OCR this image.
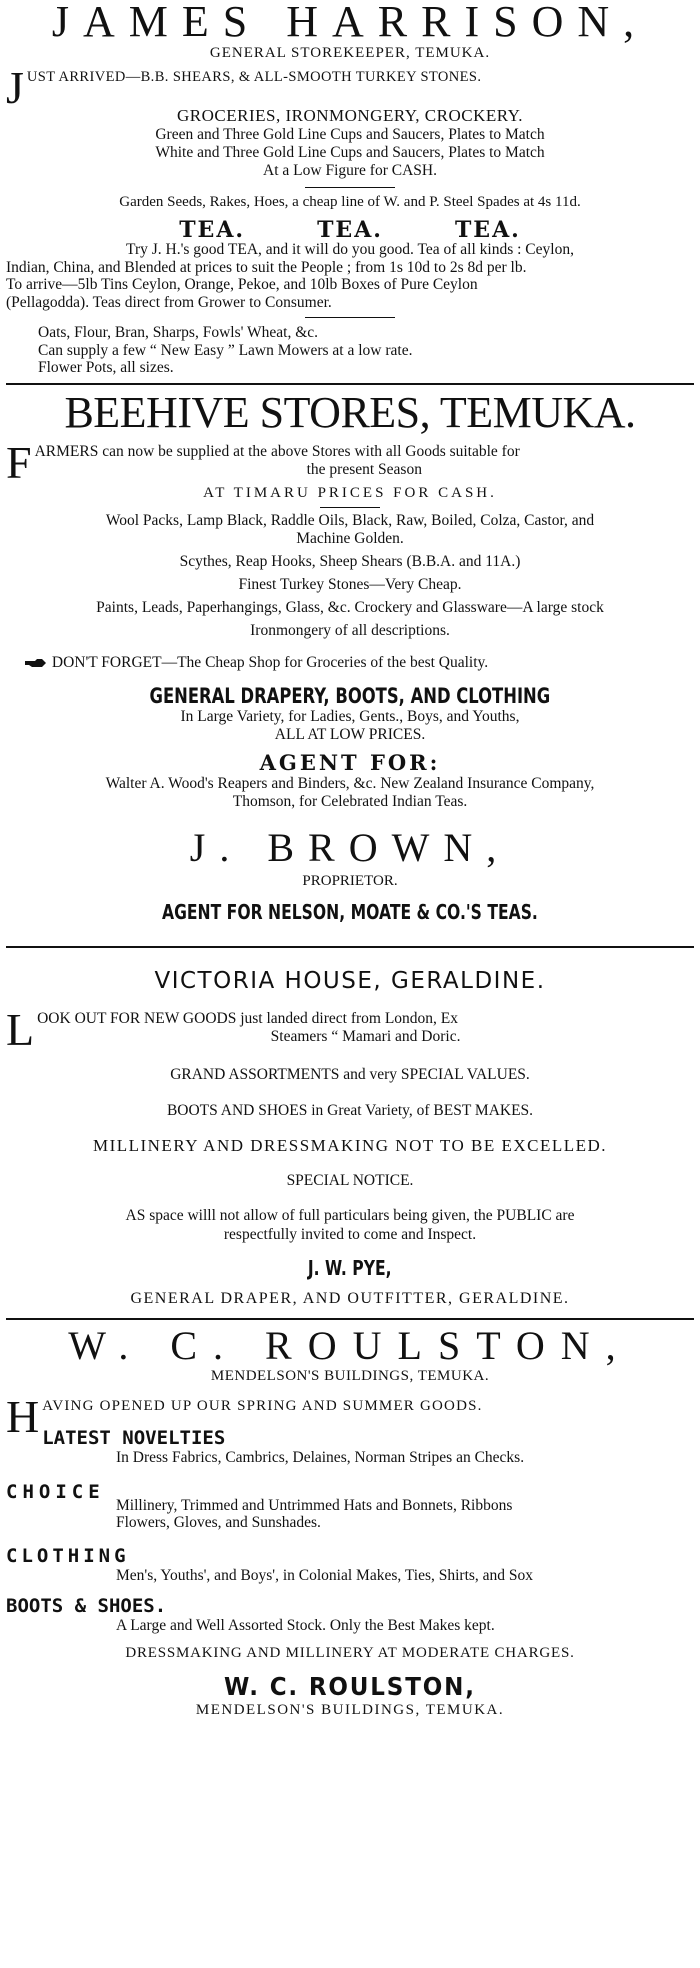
JAMES HARRISON,
GENERAL STOREKEEPER, TEMUKA.
J UST ARRIVED—B.B. SHEARS, & ALL-SMOOTH TURKEY STONES.
GROCERIES, IRONMONGERY, CROCKERY.
Green and Three Gold Line Cups and Saucers, Plates to Match
White and Three Gold Line Cups and Saucers, Plates to Match
At a Low Figure for CASH.
Garden Seeds, Rakes, Hoes, a cheap line of W. and P. Steel Spades at 4s 11d.
TEA.	TEA.	TEA.
Try J. H.'s good TEA, and it will do you good. Tea of all kinds : Ceylon,
Indian, China, and Blended at prices to suit the People ; from 1s 10d to 2s 8d per lb.
To arrive—5lb Tins Ceylon, Orange, Pekoe, and 10lb Boxes of Pure Ceylon
(Pellagodda). Teas direct from Grower to Consumer.
Oats, Flour, Bran, Sharps, Fowls' Wheat, &c.
Can supply a few “ New Easy ” Lawn Mowers at a low rate.
Flower Pots, all sizes.
BEEHIVE STORES, TEMUKA.
F ARMERS can now be supplied at the above Stores with all Goods suitable for
the present Season
AT TIMARU PRICES FOR CASH.
Wool Packs, Lamp Black, Raddle Oils, Black, Raw, Boiled, Colza, Castor, and
Machine Golden.
Scythes, Reap Hooks, Sheep Shears (B.B.A. and 11A.)
Finest Turkey Stones—Very Cheap.
Paints, Leads, Paperhangings, Glass, &c. Crockery and Glassware—A large stock
Ironmongery of all descriptions.
DON'T FORGET—The Cheap Shop for Groceries of the best Quality.
GENERAL DRAPERY, BOOTS, AND CLOTHING
In Large Variety, for Ladies, Gents., Boys, and Youths,
ALL AT LOW PRICES.
AGENT FOR:
Walter A. Wood's Reapers and Binders, &c. New Zealand Insurance Company,
Thomson, for Celebrated Indian Teas.
J. BROWN,
PROPRIETOR.
AGENT FOR NELSON, MOATE & CO.'S TEAS.
VICTORIA HOUSE, GERALDINE.
L OOK OUT FOR NEW GOODS just landed direct from London, Ex
Steamers “ Mamari and Doric.
GRAND ASSORTMENTS and very SPECIAL VALUES.
BOOTS AND SHOES in Great Variety, of BEST MAKES.
MILLINERY AND DRESSMAKING NOT TO BE EXCELLED.
SPECIAL NOTICE.
AS space willl not allow of full particulars being given, the PUBLIC are
respectfully invited to come and Inspect.
J. W. PYE,
GENERAL DRAPER, AND OUTFITTER, GERALDINE.
W. C. ROULSTON,
MENDELSON'S BUILDINGS, TEMUKA.
H AVING OPENED UP OUR SPRING AND SUMMER GOODS.
LATEST NOVELTIES
In Dress Fabrics, Cambrics, Delaines, Norman Stripes an Checks.
CHOICE
Millinery, Trimmed and Untrimmed Hats and Bonnets, Ribbons
Flowers, Gloves, and Sunshades.
CLOTHING
Men's, Youths', and Boys', in Colonial Makes, Ties, Shirts, and Sox
BOOTS & SHOES.
A Large and Well Assorted Stock. Only the Best Makes kept.
DRESSMAKING AND MILLINERY AT MODERATE CHARGES.
W. C. ROULSTON,
MENDELSON'S BUILDINGS, TEMUKA.
